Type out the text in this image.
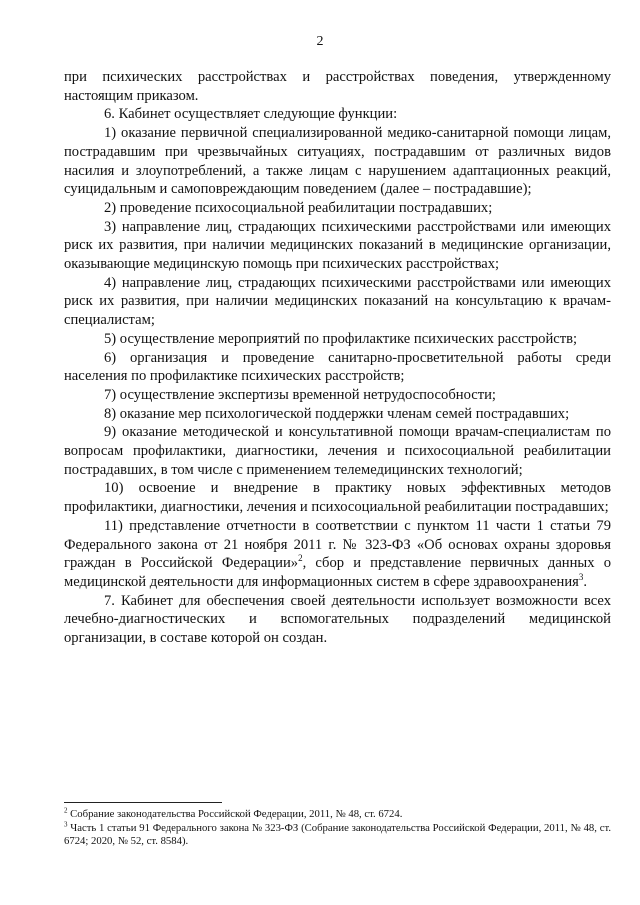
2

при психических расстройствах и расстройствах поведения, утвержденному настоящим приказом.

6. Кабинет осуществляет следующие функции:

1) оказание первичной специализированной медико-санитарной помощи лицам, пострадавшим при чрезвычайных ситуациях, пострадавшим от различных видов насилия и злоупотреблений, а также лицам с нарушением адаптационных реакций, суицидальным и самоповреждающим поведением (далее – пострадавшие);

2) проведение психосоциальной реабилитации пострадавших;

3) направление лиц, страдающих психическими расстройствами или имеющих риск их развития, при наличии медицинских показаний в медицинские организации, оказывающие медицинскую помощь при психических расстройствах;

4) направление лиц, страдающих психическими расстройствами или имеющих риск их развития, при наличии медицинских показаний на консультацию к врачам-специалистам;

5) осуществление мероприятий по профилактике психических расстройств;

6) организация и проведение санитарно-просветительной работы среди населения по профилактике психических расстройств;

7) осуществление экспертизы временной нетрудоспособности;

8) оказание мер психологической поддержки членам семей пострадавших;

9) оказание методической и консультативной помощи врачам-специалистам по вопросам профилактики, диагностики, лечения и психосоциальной реабилитации пострадавших, в том числе с применением телемедицинских технологий;

10) освоение и внедрение в практику новых эффективных методов профилактики, диагностики, лечения и психосоциальной реабилитации пострадавших;

11) представление отчетности в соответствии с пунктом 11 части 1 статьи 79 Федерального закона от 21 ноября 2011 г. № 323-ФЗ «Об основах охраны здоровья граждан в Российской Федерации»$^2$, сбор и представление первичных данных о медицинской деятельности для информационных систем в сфере здравоохранения$^3$.

7. Кабинет для обеспечения своей деятельности использует возможности всех лечебно-диагностических и вспомогательных подразделений медицинской организации, в составе которой он создан.

$^2$ Собрание законодательства Российской Федерации, 2011, № 48, ст. 6724.

$^3$ Часть 1 статьи 91 Федерального закона № 323-ФЗ (Собрание законодательства Российской Федерации, 2011, № 48, ст. 6724; 2020, № 52, ст. 8584).
